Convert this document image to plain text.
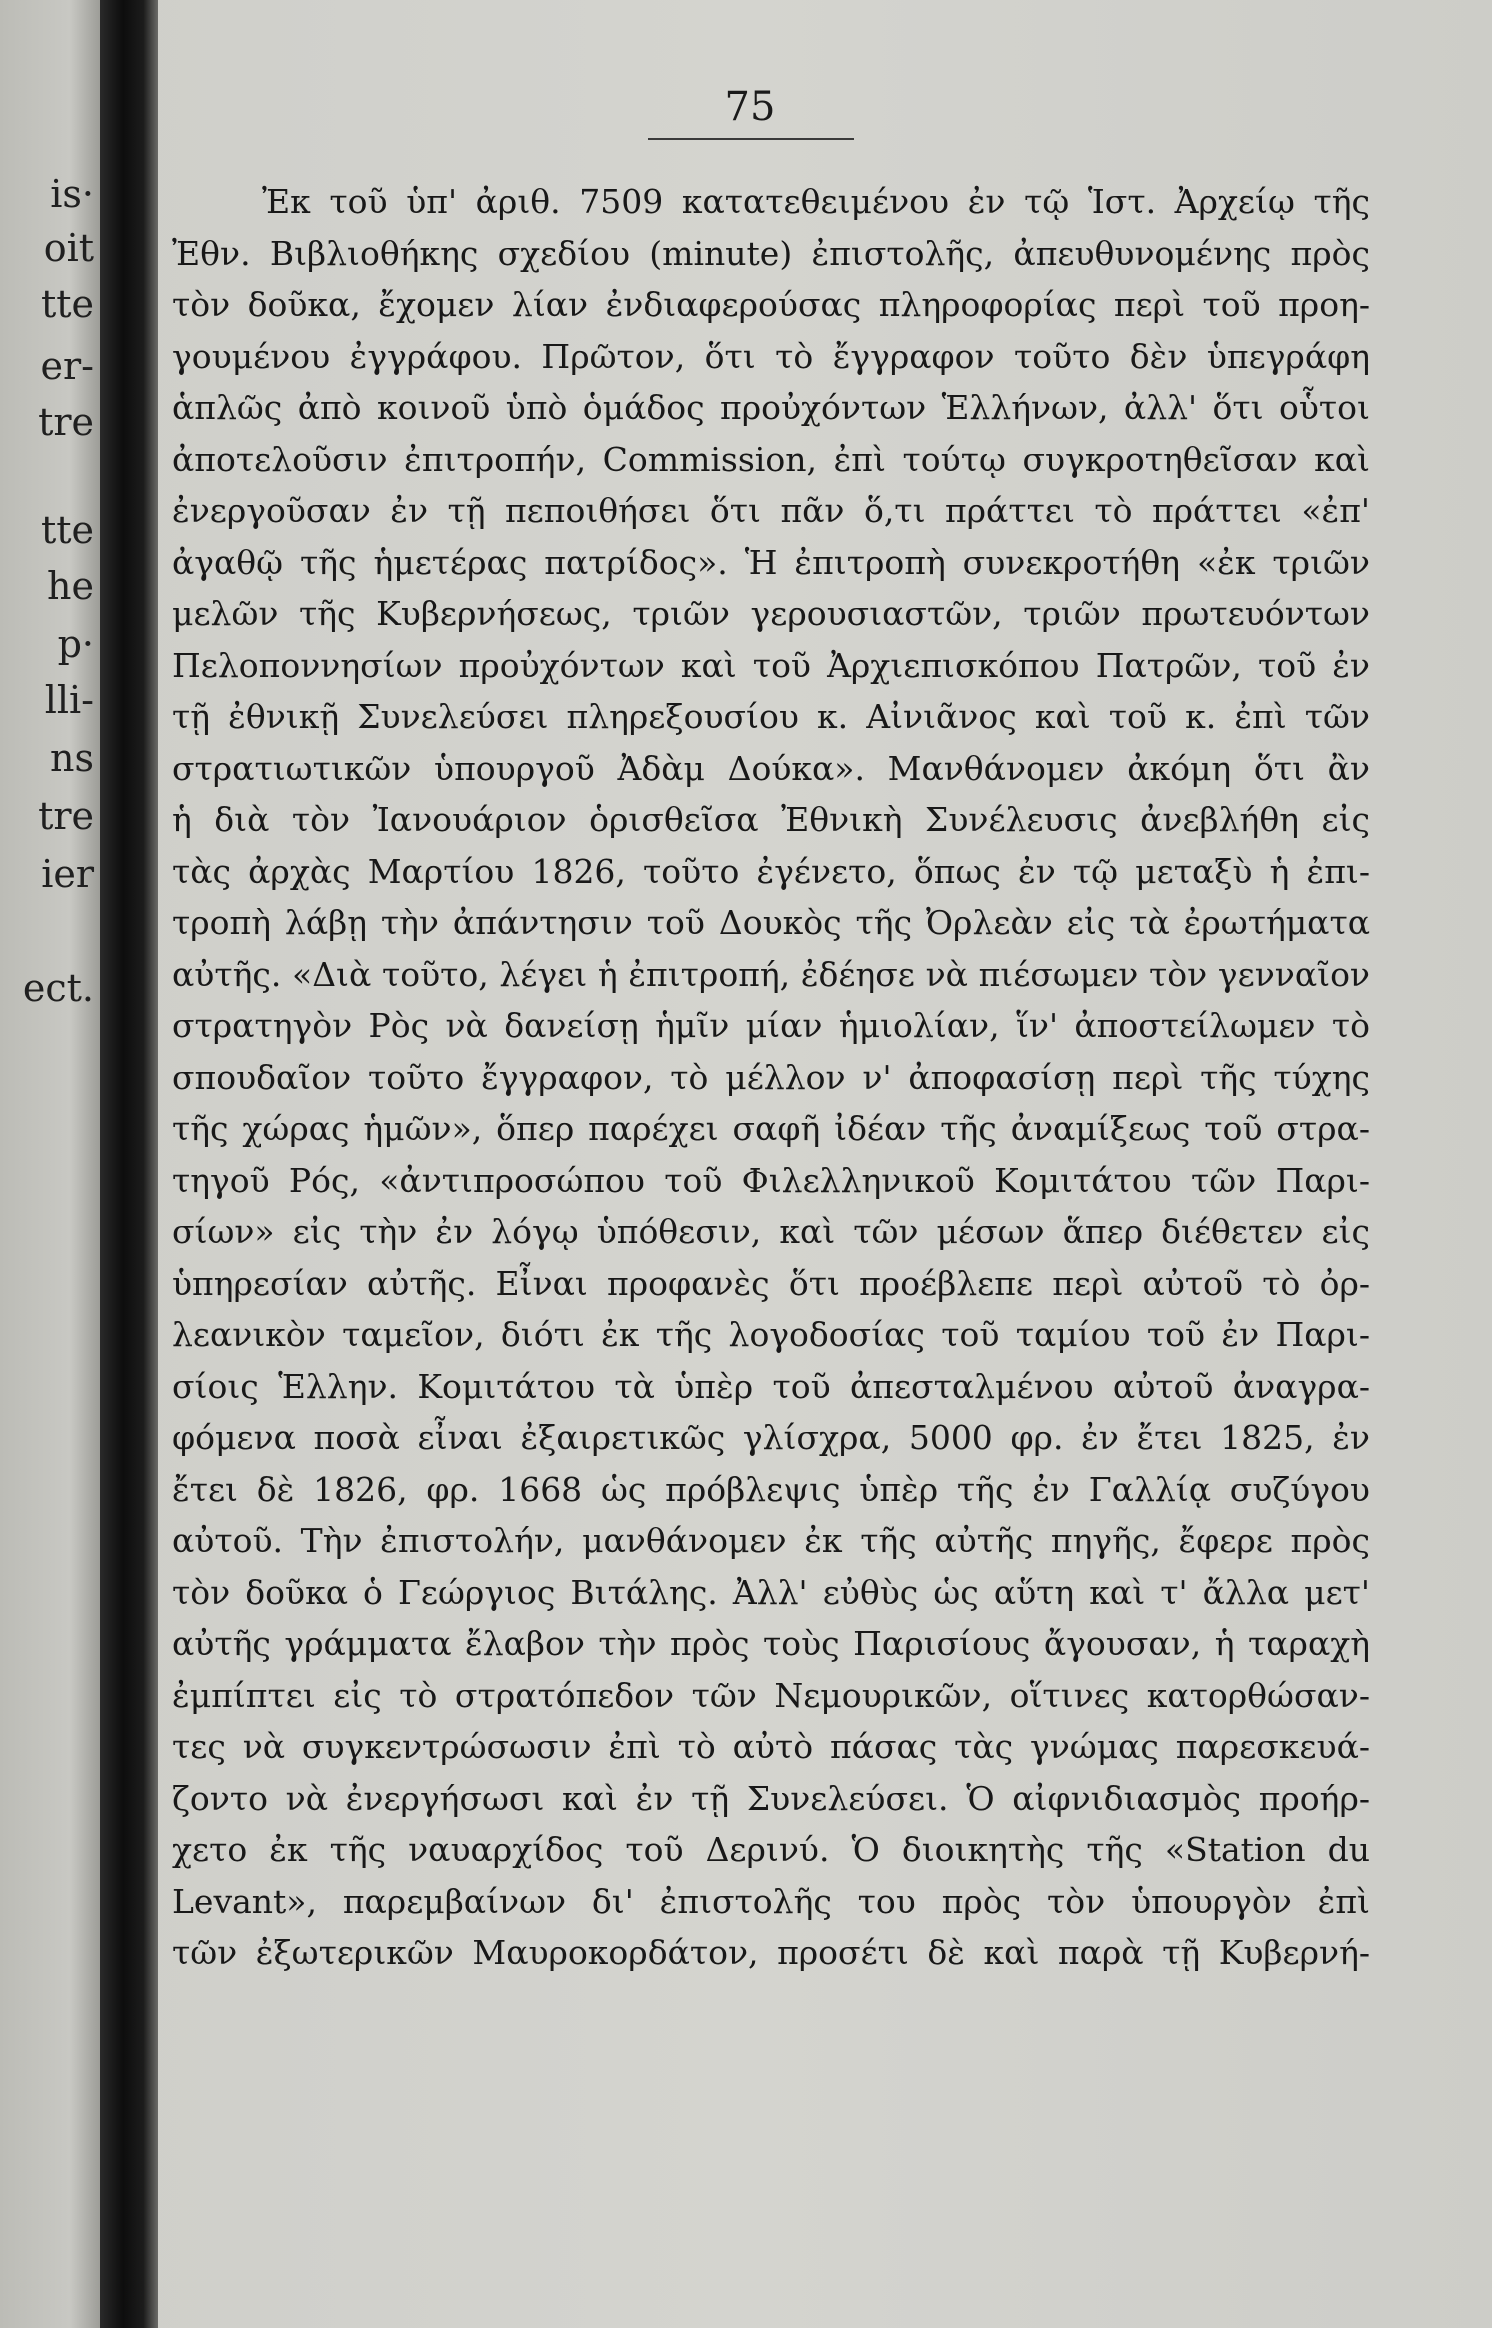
is·
oit
tte
er-
tre
tte
he
p·
lli-
ns
tre
ier
ect.
75
Ἐκ τοῦ ὑπ' ἀριθ. 7509 κατατεθειμένου ἐν τῷ Ἱστ. Ἀρχείῳ τῆς
Ἐθν. Βιβλιοθήκης σχεδίου (minute) ἐπιστολῆς, ἀπευθυνομένης πρὸς
τὸν δοῦκα, ἔχομεν λίαν ἐνδιαφερούσας πληροφορίας περὶ τοῦ προη-
γουμένου ἐγγράφου. Πρῶτον, ὅτι τὸ ἔγγραφον τοῦτο δὲν ὑπεγράφη
ἁπλῶς ἀπὸ κοινοῦ ὑπὸ ὁμάδος προὐχόντων Ἑλλήνων, ἀλλ' ὅτι οὗτοι
ἀποτελοῦσιν ἐπιτροπήν, Commission, ἐπὶ τούτῳ συγκροτηθεῖσαν καὶ
ἐνεργοῦσαν ἐν τῇ πεποιθήσει ὅτι πᾶν ὅ,τι πράττει τὸ πράττει «ἐπ'
ἀγαθῷ τῆς ἡμετέρας πατρίδος». Ἡ ἐπιτροπὴ συνεκροτήθη «ἐκ τριῶν
μελῶν τῆς Κυβερνήσεως, τριῶν γερουσιαστῶν, τριῶν πρωτευόντων
Πελοποννησίων προὐχόντων καὶ τοῦ Ἀρχιεπισκόπου Πατρῶν, τοῦ ἐν
τῇ ἐθνικῇ Συνελεύσει πληρεξουσίου κ. Αἰνιᾶνος καὶ τοῦ κ. ἐπὶ τῶν
στρατιωτικῶν ὑπουργοῦ Ἀδὰμ Δούκα». Μανθάνομεν ἀκόμη ὅτι ἂν
ἡ διὰ τὸν Ἰανουάριον ὁρισθεῖσα Ἐθνικὴ Συνέλευσις ἀνεβλήθη εἰς
τὰς ἀρχὰς Μαρτίου 1826, τοῦτο ἐγένετο, ὅπως ἐν τῷ μεταξὺ ἡ ἐπι-
τροπὴ λάβῃ τὴν ἀπάντησιν τοῦ Δουκὸς τῆς Ὀρλεὰν εἰς τὰ ἐρωτήματα
αὐτῆς. «Διὰ τοῦτο, λέγει ἡ ἐπιτροπή, ἐδέησε νὰ πιέσωμεν τὸν γενναῖον
στρατηγὸν Ρὸς νὰ δανείσῃ ἡμῖν μίαν ἡμιολίαν, ἵν' ἀποστείλωμεν τὸ
σπουδαῖον τοῦτο ἔγγραφον, τὸ μέλλον ν' ἀποφασίσῃ περὶ τῆς τύχης
τῆς χώρας ἡμῶν», ὅπερ παρέχει σαφῆ ἰδέαν τῆς ἀναμίξεως τοῦ στρα-
τηγοῦ Ρός, «ἀντιπροσώπου τοῦ Φιλελληνικοῦ Κομιτάτου τῶν Παρι-
σίων» εἰς τὴν ἐν λόγῳ ὑπόθεσιν, καὶ τῶν μέσων ἅπερ διέθετεν εἰς
ὑπηρεσίαν αὐτῆς. Εἶναι προφανὲς ὅτι προέβλεπε περὶ αὐτοῦ τὸ ὀρ-
λεανικὸν ταμεῖον, διότι ἐκ τῆς λογοδοσίας τοῦ ταμίου τοῦ ἐν Παρι-
σίοις Ἑλλην. Κομιτάτου τὰ ὑπὲρ τοῦ ἀπεσταλμένου αὐτοῦ ἀναγρα-
φόμενα ποσὰ εἶναι ἐξαιρετικῶς γλίσχρα, 5000 φρ. ἐν ἔτει 1825, ἐν
ἔτει δὲ 1826, φρ. 1668 ὡς πρόβλεψις ὑπὲρ τῆς ἐν Γαλλίᾳ συζύγου
αὐτοῦ. Τὴν ἐπιστολήν, μανθάνομεν ἐκ τῆς αὐτῆς πηγῆς, ἔφερε πρὸς
τὸν δοῦκα ὁ Γεώργιος Βιτάλης. Ἀλλ' εὐθὺς ὡς αὕτη καὶ τ' ἄλλα μετ'
αὐτῆς γράμματα ἔλαβον τὴν πρὸς τοὺς Παρισίους ἄγουσαν, ἡ ταραχὴ
ἐμπίπτει εἰς τὸ στρατόπεδον τῶν Νεμουρικῶν, οἵτινες κατορθώσαν-
τες νὰ συγκεντρώσωσιν ἐπὶ τὸ αὐτὸ πάσας τὰς γνώμας παρεσκευά-
ζοντο νὰ ἐνεργήσωσι καὶ ἐν τῇ Συνελεύσει. Ὁ αἰφνιδιασμὸς προήρ-
χετο ἐκ τῆς ναυαρχίδος τοῦ Δερινύ. Ὁ διοικητὴς τῆς «Station du
Levant», παρεμβαίνων δι' ἐπιστολῆς του πρὸς τὸν ὑπουργὸν ἐπὶ
τῶν ἐξωτερικῶν Μαυροκορδάτον, προσέτι δὲ καὶ παρὰ τῇ Κυβερνή-
